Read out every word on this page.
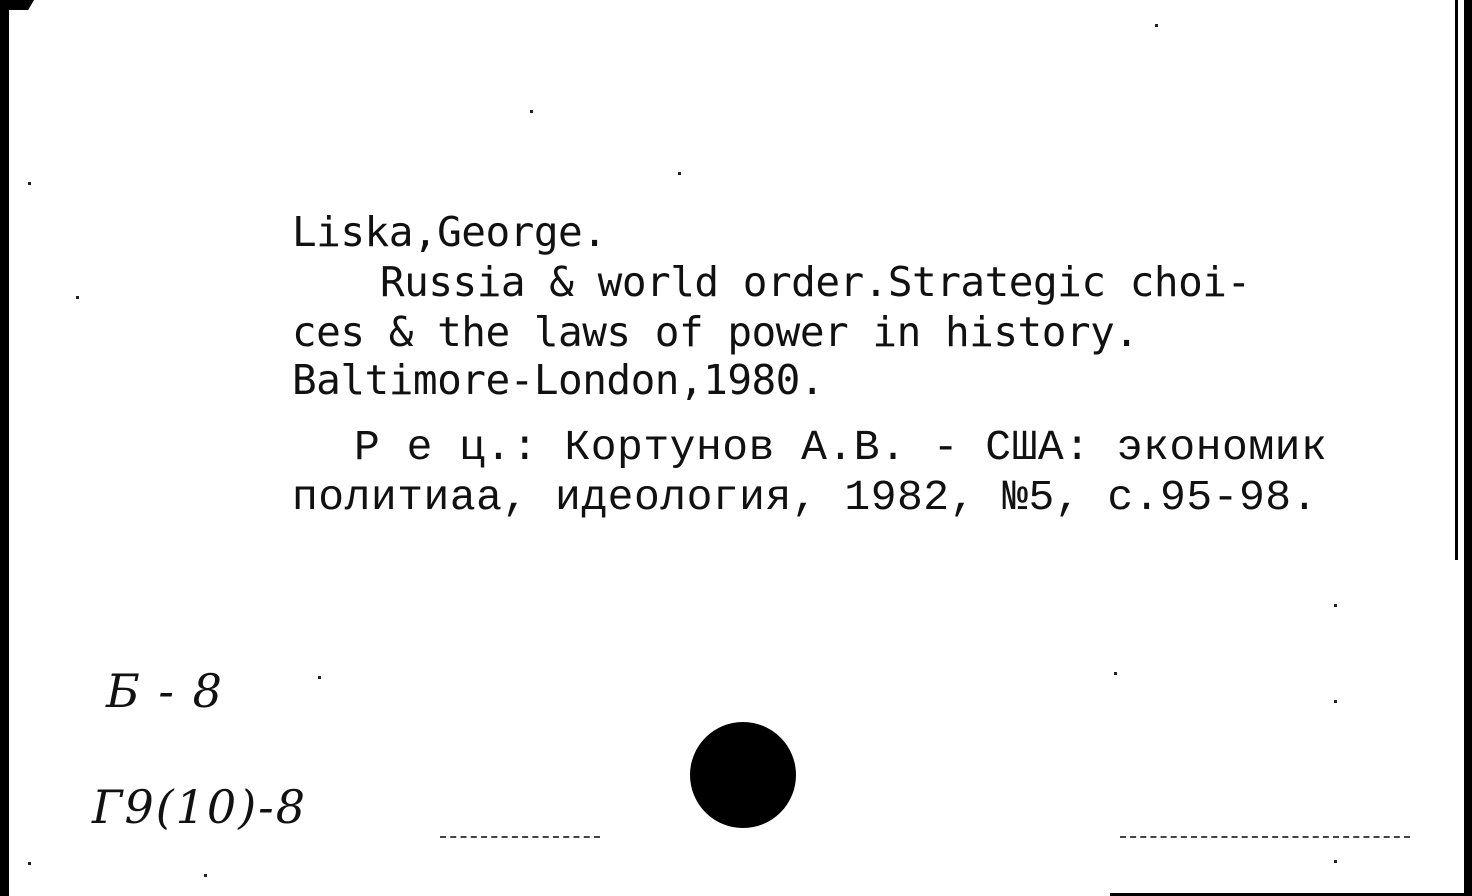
Liska,George.
Russia & world order.Strategic choi-
ces & the laws of power in history.
Baltimore-London,1980.
Р е ц.: Кортунов А.В. - США: экономик
политиаа, идеология, 1982, №5, с.95-98.
Б - 8
Г9(10)-8
